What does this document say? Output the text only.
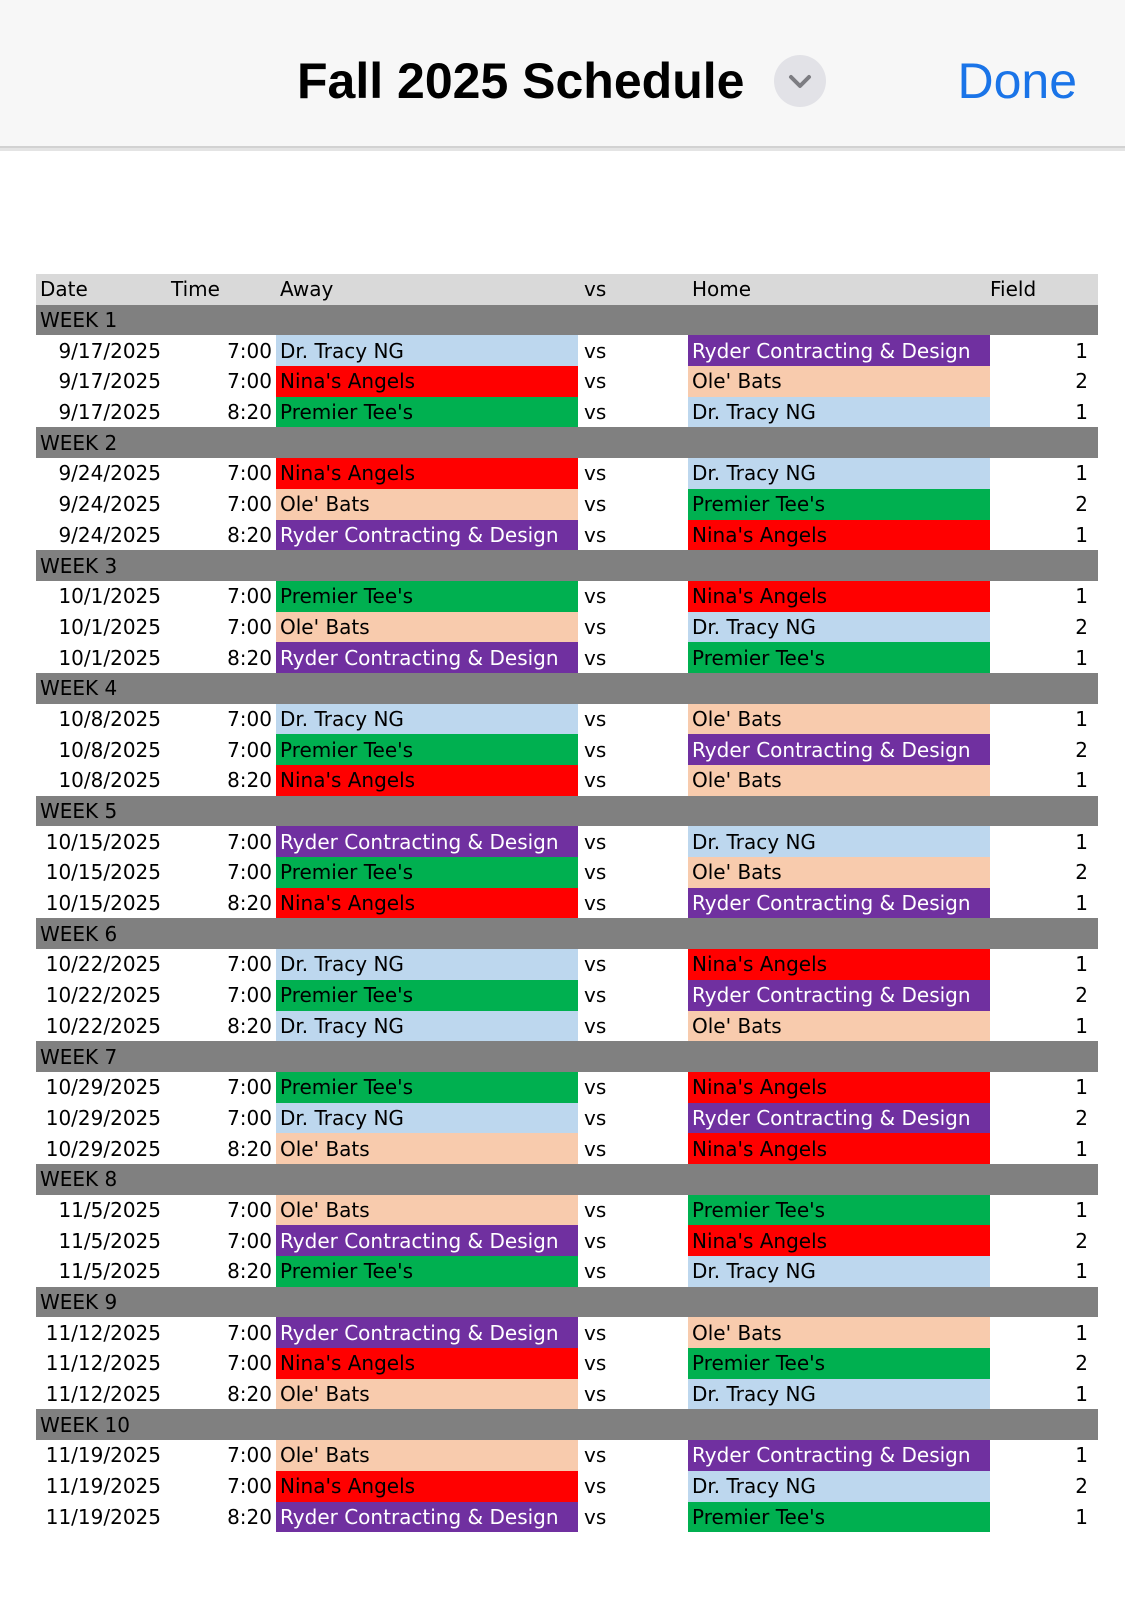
Fall 2025 Schedule	Done
Date	Time	Away	vs	Home	Field
WEEK 1
9/17/2025	7:00 Dr. Tracy NG	vs	Ryder Contracting & Design	1
9/17/2025	7:00 Nina's Angels	vs	Ole' Bats	2
9/17/2025	8:20 Premier Tee's	vs	Dr. Tracy NG	1
WEEK 2
9/24/2025	7:00 Nina's Angels	vs	Dr. Tracy NG	1
9/24/2025	7:00 Ole' Bats	vs	Premier Tee's	2
9/24/2025	8:20 Ryder Contracting & Design	vs	Nina's Angels	1
WEEK 3
10/1/2025	7:00 Premier Tee's	vs	Nina's Angels	1
10/1/2025	7:00 Ole' Bats	vs	Dr. Tracy NG	2
10/1/2025	8:20 Ryder Contracting & Design	vs	Premier Tee's	1
WEEK 4
10/8/2025	7:00 Dr. Tracy NG	vs	Ole' Bats	1
10/8/2025	7:00 Premier Tee's	vs	Ryder Contracting & Design	2
10/8/2025	8:20 Nina's Angels	vs	Ole' Bats	1
WEEK 5
10/15/2025	7:00 Ryder Contracting & Design	vs	Dr. Tracy NG	1
10/15/2025	7:00 Premier Tee's	vs	Ole' Bats	2
10/15/2025	8:20 Nina's Angels	vs	Ryder Contracting & Design	1
WEEK 6
10/22/2025	7:00 Dr. Tracy NG	vs	Nina's Angels	1
10/22/2025	7:00 Premier Tee's	vs	Ryder Contracting & Design	2
10/22/2025	8:20 Dr. Tracy NG	vs	Ole' Bats	1
WEEK 7
10/29/2025	7:00 Premier Tee's	vs	Nina's Angels	1
10/29/2025	7:00 Dr. Tracy NG	vs	Ryder Contracting & Design	2
10/29/2025	8:20 Ole' Bats	vs	Nina's Angels	1
WEEK 8
11/5/2025	7:00 Ole' Bats	vs	Premier Tee's	1
11/5/2025	7:00 Ryder Contracting & Design	vs	Nina's Angels	2
11/5/2025	8:20 Premier Tee's	vs	Dr. Tracy NG	1
WEEK 9
11/12/2025	7:00 Ryder Contracting & Design	vs	Ole' Bats	1
11/12/2025	7:00 Nina's Angels	vs	Premier Tee's	2
11/12/2025	8:20 Ole' Bats	vs	Dr. Tracy NG	1
WEEK 10
11/19/2025	7:00 Ole' Bats	vs	Ryder Contracting & Design	1
11/19/2025	7:00 Nina's Angels	vs	Dr. Tracy NG	2
11/19/2025	8:20 Ryder Contracting & Design	vs	Premier Tee's	1
